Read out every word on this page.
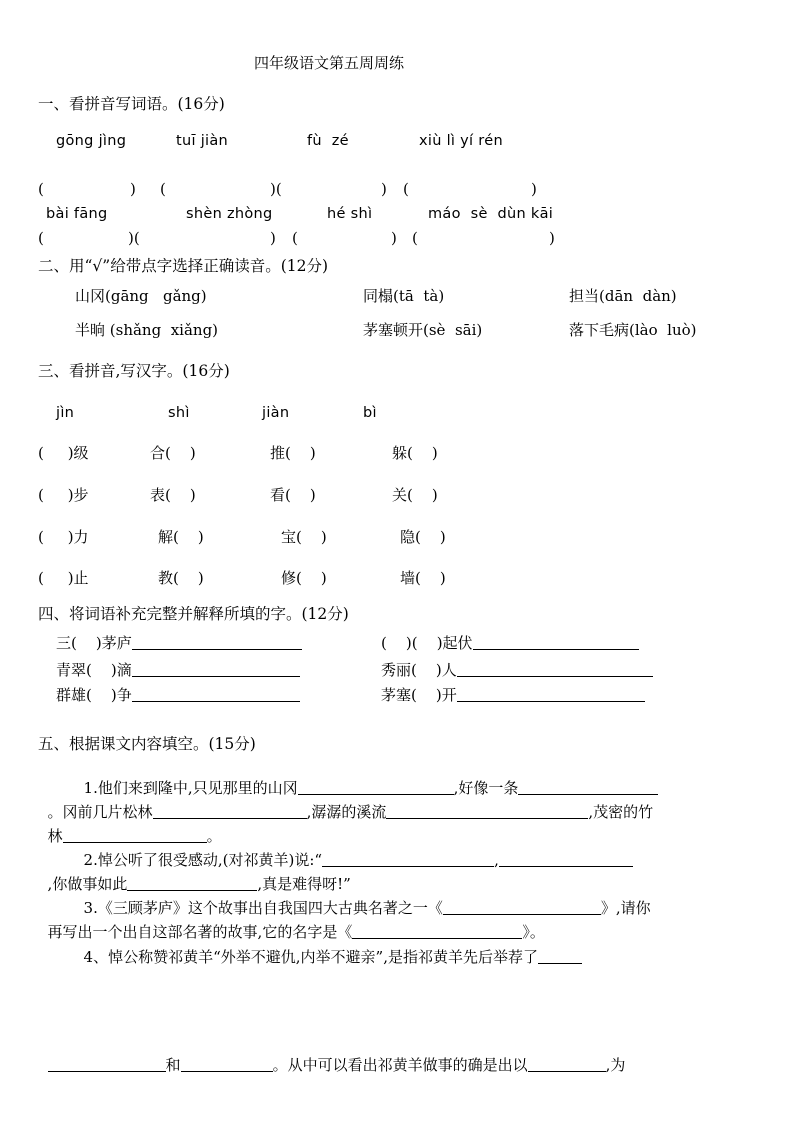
四年级语文第五周周练
一、看拼音写词语。(16分)
gōng jìng	tuī jiàn	fù  zé	xiù lì yí rén
(	) (	)(	) (	)
bài fāng	shèn zhòng	hé shì	máo  sè  dùn kāi
(	)(	) (	) (	)
二、用“√”给带点字选择正确读音。(12分)
山冈(gāng   gǎng)	同榻(tā  tà)	担当(dān  dàn)
半晌 (shǎng  xiǎng)	茅塞顿开(sè  sāi)	落下毛病(lào  luò)
三、看拼音,写汉字。(16分)
jìn	shì	jiàn	bì
(     )级	合(    )	推(    )	躲(    )
(     )步	表(    )	看(    )	关(    )
(     )力	解(    )	宝(    )	隐(    )
(     )止	教(    )	修(    )	墙(    )
四、将词语补充完整并解释所填的字。(12分)
三(    )茅庐	(    )(    )起伏
青翠(    )滴	秀丽(    )人
群雄(    )争	茅塞(    )开
五、根据课文内容填空。(15分)

1.他们来到隆中,只见那里的山冈	,好像一条

。冈前几片松林	,潺潺的溪流	,茂密的竹

林	。

2.悼公听了很受感动,(对祁黄羊)说:“	,

,你做事如此	,真是难得呀!”

3.《三顾茅庐》这个故事出自我国四大古典名著之一《	》,请你

再写出一个出自这部名著的故事,它的名字是《	》。

4、悼公称赞祁黄羊“外举不避仇,内举不避亲”,是指祁黄羊先后举荐了

和	。从中可以看出祁黄羊做事的确是出以	,为
